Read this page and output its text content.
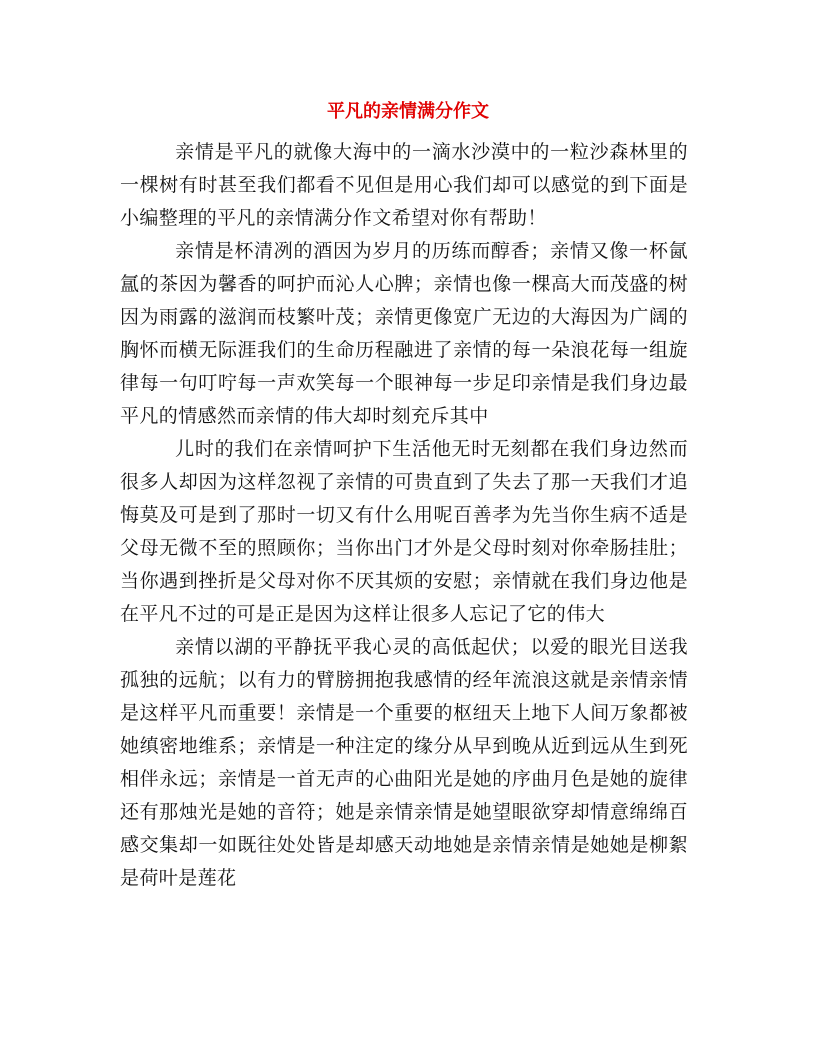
平凡的亲情满分作文

亲情是平凡的就像大海中的一滴水沙漠中的一粒沙森林里的一棵树有时甚至我们都看不见但是用心我们却可以感觉的到下面是小编整理的平凡的亲情满分作文希望对你有帮助！

亲情是杯清冽的酒因为岁月的历练而醇香；亲情又像一杯氤氲的茶因为馨香的呵护而沁人心脾；亲情也像一棵高大而茂盛的树因为雨露的滋润而枝繁叶茂；亲情更像宽广无边的大海因为广阔的胸怀而横无际涯我们的生命历程融进了亲情的每一朵浪花每一组旋律每一句叮咛每一声欢笑每一个眼神每一步足印亲情是我们身边最平凡的情感然而亲情的伟大却时刻充斥其中

儿时的我们在亲情呵护下生活他无时无刻都在我们身边然而很多人却因为这样忽视了亲情的可贵直到了失去了那一天我们才追悔莫及可是到了那时一切又有什么用呢百善孝为先当你生病不适是父母无微不至的照顾你；当你出门才外是父母时刻对你牵肠挂肚；当你遇到挫折是父母对你不厌其烦的安慰；亲情就在我们身边他是在平凡不过的可是正是因为这样让很多人忘记了它的伟大

亲情以湖的平静抚平我心灵的高低起伏；以爱的眼光目送我孤独的远航；以有力的臂膀拥抱我感情的经年流浪这就是亲情亲情是这样平凡而重要！亲情是一个重要的枢纽天上地下人间万象都被她缜密地维系；亲情是一种注定的缘分从早到晚从近到远从生到死相伴永远；亲情是一首无声的心曲阳光是她的序曲月色是她的旋律还有那烛光是她的音符；她是亲情亲情是她望眼欲穿却情意绵绵百感交集却一如既往处处皆是却感天动地她是亲情亲情是她她是柳絮是荷叶是莲花
